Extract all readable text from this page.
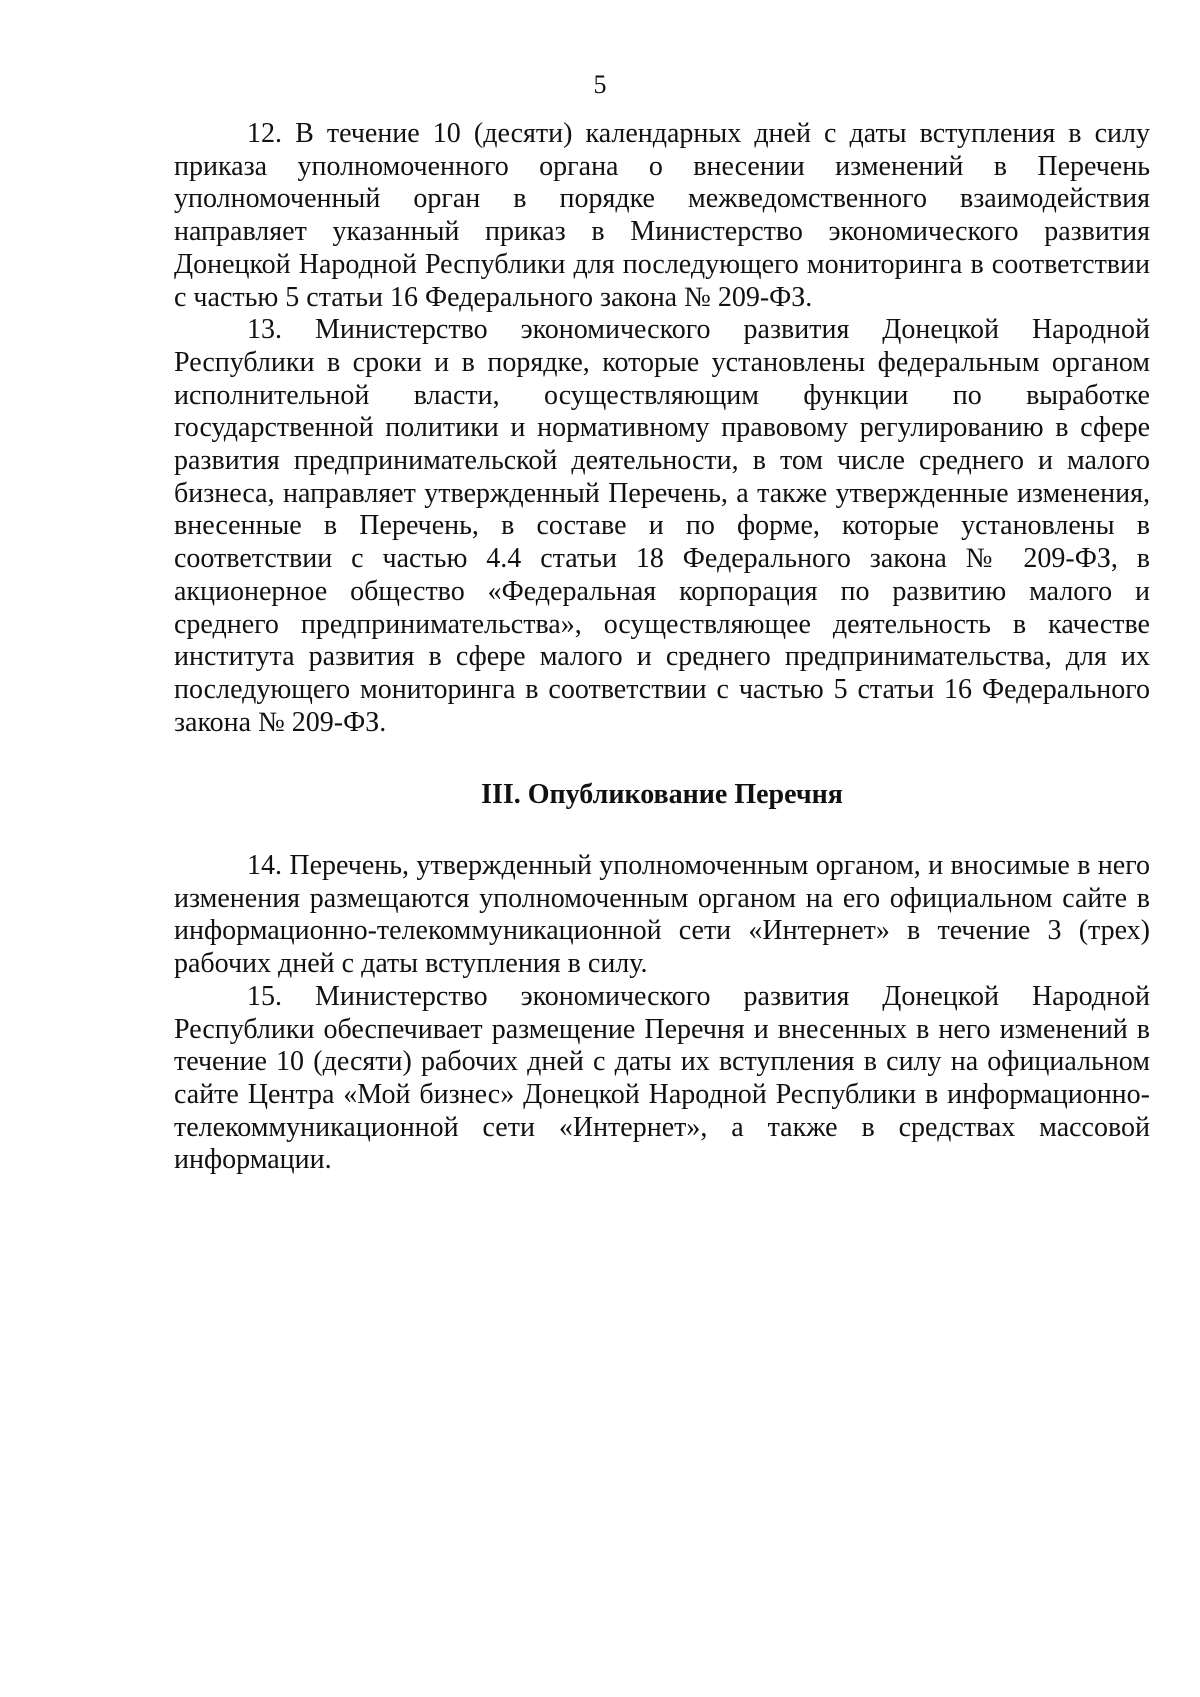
5

12. В течение 10 (десяти) календарных дней с даты вступления в силу приказа уполномоченного органа о внесении изменений в Перечень уполномоченный орган в порядке межведомственного взаимодействия направляет указанный приказ в Министерство экономического развития Донецкой Народной Республики для последующего мониторинга в соответствии с частью 5 статьи 16 Федерального закона № 209-ФЗ.

13. Министерство экономического развития Донецкой Народной Республики в сроки и в порядке, которые установлены федеральным органом исполнительной власти, осуществляющим функции по выработке государственной политики и нормативному правовому регулированию в сфере развития предпринимательской деятельности, в том числе среднего и малого бизнеса, направляет утвержденный Перечень, а также утвержденные изменения, внесенные в Перечень, в составе и по форме, которые установлены в соответствии с частью 4.4 статьи 18 Федерального закона № 209-ФЗ, в акционерное общество «Федеральная корпорация по развитию малого и среднего предпринимательства», осуществляющее деятельность в качестве института развития в сфере малого и среднего предпринимательства, для их последующего мониторинга в соответствии с частью 5 статьи 16 Федерального закона № 209-ФЗ.

III. Опубликование Перечня

14. Перечень, утвержденный уполномоченным органом, и вносимые в него изменения размещаются уполномоченным органом на его официальном сайте в информационно-телекоммуникационной сети «Интернет» в течение 3 (трех) рабочих дней с даты вступления в силу.

15. Министерство экономического развития Донецкой Народной Республики обеспечивает размещение Перечня и внесенных в него изменений в течение 10 (десяти) рабочих дней с даты их вступления в силу на официальном сайте Центра «Мой бизнес» Донецкой Народной Республики в информационно-телекоммуникационной сети «Интернет», а также в средствах массовой информации.
